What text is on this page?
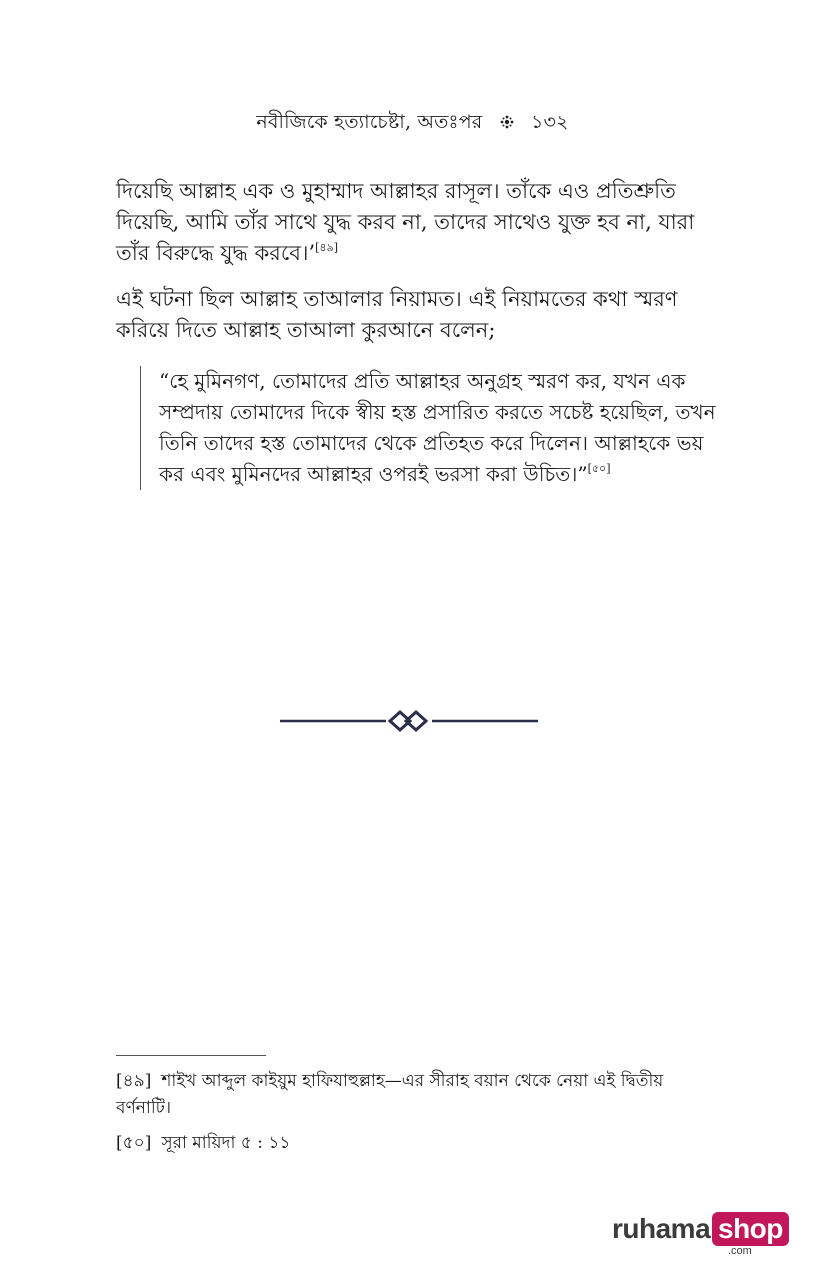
নবীজিকে হত্যাচেষ্টা, অতঃপর	১৩২

দিয়েছি আল্লাহ এক ও মুহাম্মাদ আল্লাহর রাসূল। তাঁকে এও প্রতিশ্রুতি দিয়েছি, আমি তাঁর সাথে যুদ্ধ করব না, তাদের সাথেও যুক্ত হব না, যারা তাঁর বিরুদ্ধে যুদ্ধ করবে।’[৪৯]

এই ঘটনা ছিল আল্লাহ তাআলার নিয়ামত। এই নিয়ামতের কথা স্মরণ করিয়ে দিতে আল্লাহ তাআলা কুরআনে বলেন;

“হে মুমিনগণ, তোমাদের প্রতি আল্লাহর অনুগ্রহ স্মরণ কর, যখন এক সম্প্রদায় তোমাদের দিকে স্বীয় হস্ত প্রসারিত করতে সচেষ্ট হয়েছিল, তখন তিনি তাদের হস্ত তোমাদের থেকে প্রতিহত করে দিলেন। আল্লাহকে ভয় কর এবং মুমিনদের আল্লাহর ওপরই ভরসা করা উচিত।”[৫০]

[৪৯] শাইখ আব্দুল কাইয়ুম হাফিযাহুল্লাহ—এর সীরাহ বয়ান থেকে নেয়া এই দ্বিতীয় বর্ণনাটি।

[৫০] সূরা মায়িদা ৫ : ১১

ruhama shop
.com
